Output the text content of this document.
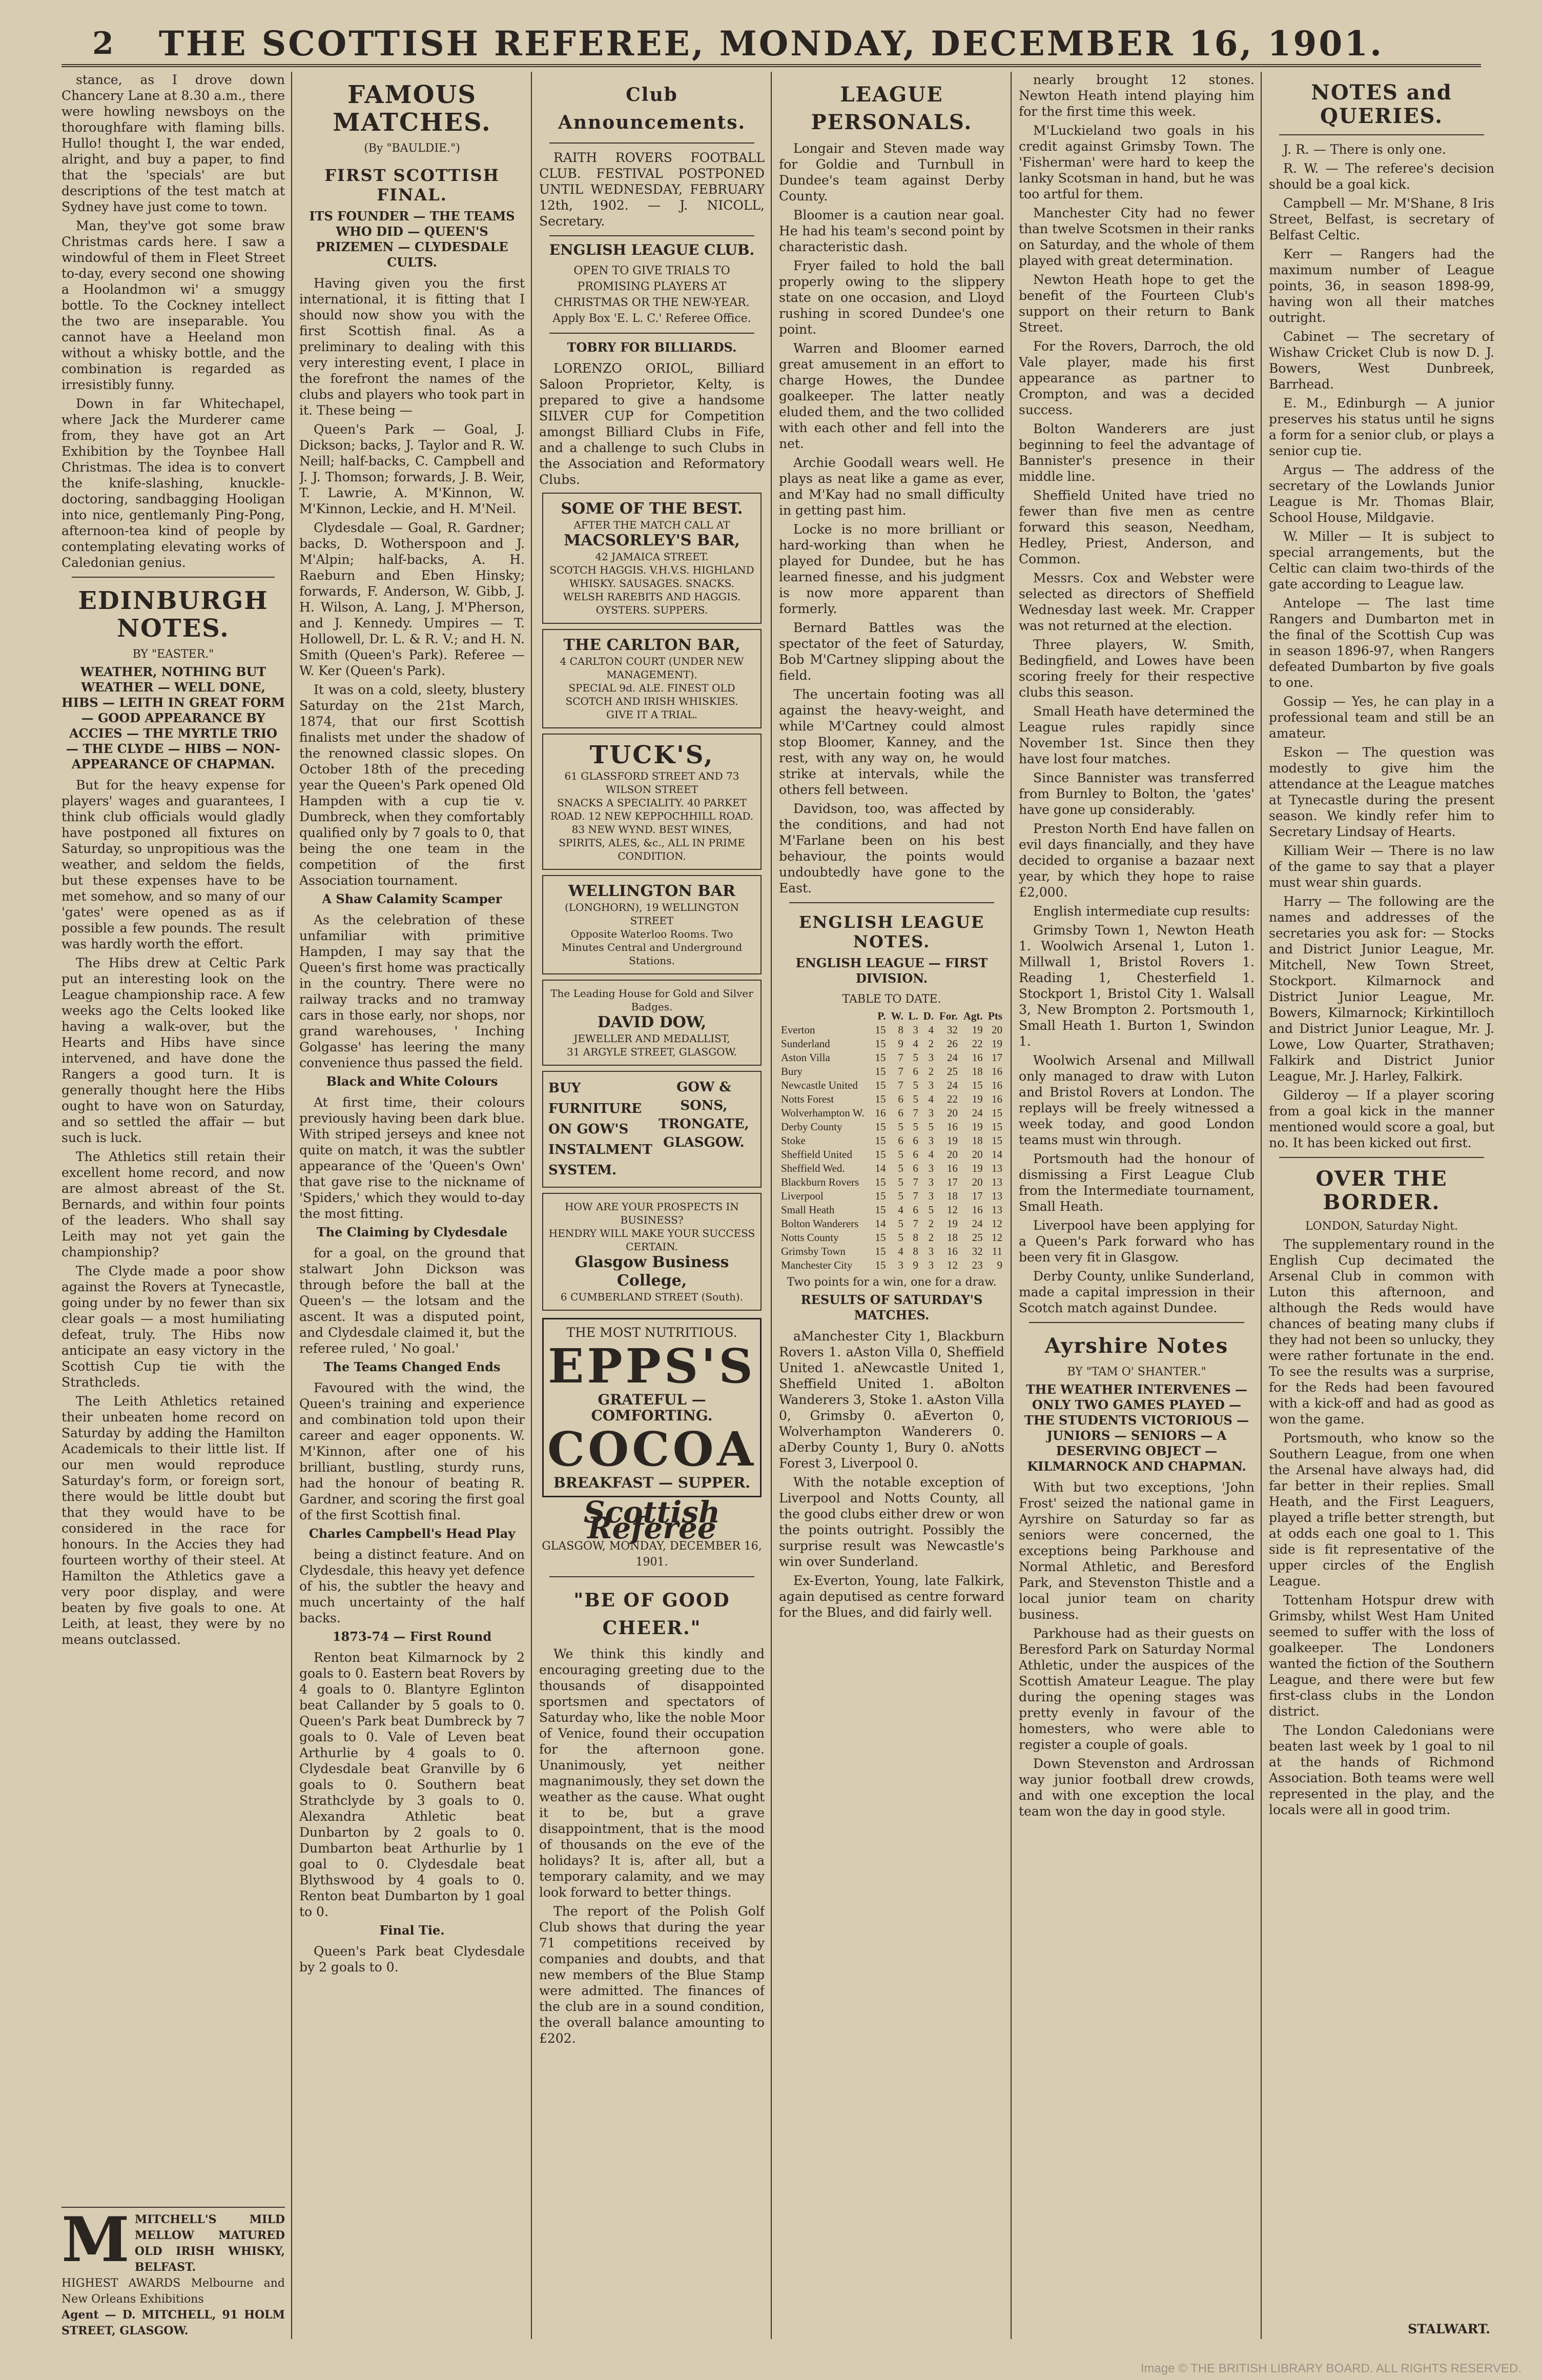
2	THE SCOTTISH REFEREE, MONDAY, DECEMBER 16, 1901.

stance, as I drove down Chancery Lane at 8.30 a.m., there were howling newsboys on the thoroughfare with flaming bills. Hullo! thought I, the war ended, alright, and buy a paper, to find that the 'specials' are but descriptions of the test match at Sydney have just come to town.

Man, they've got some braw Christmas cards here. I saw a windowful of them in Fleet Street to-day, every second one showing a Hoolandmon wi' a smuggy bottle. To the Cockney intellect the two are inseparable. You cannot have a Heeland mon without a whisky bottle, and the combination is regarded as irresistibly funny.

Down in far Whitechapel, where Jack the Murderer came from, they have got an Art Exhibition by the Toynbee Hall Christmas. The idea is to convert the knife-slashing, knuckle-doctoring, sandbagging Hooligan into nice, gentlemanly Ping-Pong, afternoon-tea kind of people by contemplating elevating works of Caledonian genius.

EDINBURGH NOTES.
BY "EASTER."
WEATHER, NOTHING BUT WEATHER — WELL DONE, HIBS — LEITH IN GREAT FORM — GOOD APPEARANCE BY ACCIES — THE MYRTLE TRIO — THE CLYDE — HIBS — NON-APPEARANCE OF CHAPMAN.

But for the heavy expense for players' wages and guarantees, I think club officials would gladly have postponed all fixtures on Saturday, so unpropitious was the weather, and seldom the fields, but these expenses have to be met somehow, and so many of our 'gates' were opened as as if possible a few pounds. The result was hardly worth the effort.

The Hibs drew at Celtic Park put an interesting look on the League championship race. A few weeks ago the Celts looked like having a walk-over, but the Hearts and Hibs have since intervened, and have done the Rangers a good turn. It is generally thought here the Hibs ought to have won on Saturday, and so settled the affair — but such is luck.

The Athletics still retain their excellent home record, and now are almost abreast of the St. Bernards, and within four points of the leaders. Who shall say Leith may not yet gain the championship?

The Clyde made a poor show against the Rovers at Tynecastle, going under by no fewer than six clear goals — a most humiliating defeat, truly. The Hibs now anticipate an easy victory in the Scottish Cup tie with the Strathcleds.

The Leith Athletics retained their unbeaten home record on Saturday by adding the Hamilton Academicals to their little list. If our men would reproduce Saturday's form, or foreign sort, there would be little doubt but that they would have to be considered in the race for honours. In the Accies they had fourteen worthy of their steel. At Hamilton the Athletics gave a very poor display, and were beaten by five goals to one. At Leith, at least, they were by no means outclassed.

M MITCHELL'S MILD MELLOW MATURED OLD IRISH WHISKY, BELFAST.
HIGHEST AWARDS Melbourne and New Orleans Exhibitions
Agent — D. MITCHELL, 91 HOLM STREET, GLASGOW.
FAMOUS MATCHES.
(By "BAULDIE.")
FIRST SCOTTISH FINAL.
ITS FOUNDER — THE TEAMS WHO DID — QUEEN'S PRIZEMEN — CLYDESDALE CULTS.

Having given you the first international, it is fitting that I should now show you with the first Scottish final. As a preliminary to dealing with this very interesting event, I place in the forefront the names of the clubs and players who took part in it. These being —

Queen's Park — Goal, J. Dickson; backs, J. Taylor and R. W. Neill; half-backs, C. Campbell and J. J. Thomson; forwards, J. B. Weir, T. Lawrie, A. M'Kinnon, W. M'Kinnon, Leckie, and H. M'Neil.

Clydesdale — Goal, R. Gardner; backs, D. Wotherspoon and J. M'Alpin; half-backs, A. H. Raeburn and Eben Hinsky; forwards, F. Anderson, W. Gibb, J. H. Wilson, A. Lang, J. M'Pherson, and J. Kennedy. Umpires — T. Hollowell, Dr. L. & R. V.; and H. N. Smith (Queen's Park). Referee — W. Ker (Queen's Park).

It was on a cold, sleety, blustery Saturday on the 21st March, 1874, that our first Scottish finalists met under the shadow of the renowned classic slopes. On October 18th of the preceding year the Queen's Park opened Old Hampden with a cup tie v. Dumbreck, when they comfortably qualified only by 7 goals to 0, that being the one team in the competition of the first Association tournament.

A Shaw Calamity Scamper

As the celebration of these unfamiliar with primitive Hampden, I may say that the Queen's first home was practically in the country. There were no railway tracks and no tramway cars in those early, nor shops, nor grand warehouses, ' Inching Golgasse' has leering the many convenience thus passed the field.

Black and White Colours

At first time, their colours previously having been dark blue. With striped jerseys and knee not quite on match, it was the subtler appearance of the 'Queen's Own' that gave rise to the nickname of 'Spiders,' which they would to-day the most fitting.

The Claiming by Clydesdale

for a goal, on the ground that stalwart John Dickson was through before the ball at the Queen's — the lotsam and the ascent. It was a disputed point, and Clydesdale claimed it, but the referee ruled, ' No goal.'

The Teams Changed Ends

Favoured with the wind, the Queen's training and experience and combination told upon their career and eager opponents. W. M'Kinnon, after one of his brilliant, bustling, sturdy runs, had the honour of beating R. Gardner, and scoring the first goal of the first Scottish final.

Charles Campbell's Head Play

being a distinct feature. And on Clydesdale, this heavy yet defence of his, the subtler the heavy and much uncertainty of the half backs.

1873-74 — First Round

Renton beat Kilmarnock by 2 goals to 0. Eastern beat Rovers by 4 goals to 0. Blantyre Eglinton beat Callander by 5 goals to 0. Queen's Park beat Dumbreck by 7 goals to 0. Vale of Leven beat Arthurlie by 4 goals to 0. Clydesdale beat Granville by 6 goals to 0. Southern beat Strathclyde by 3 goals to 0. Alexandra Athletic beat Dunbarton by 2 goals to 0. Dumbarton beat Arthurlie by 1 goal to 0. Clydesdale beat Blythswood by 4 goals to 0. Renton beat Dumbarton by 1 goal to 0.

Final Tie.

Queen's Park beat Clydesdale by 2 goals to 0.

Club Announcements.

RAITH ROVERS FOOTBALL CLUB. FESTIVAL POSTPONED UNTIL WEDNESDAY, FEBRUARY 12th, 1902. — J. NICOLL, Secretary.

ENGLISH LEAGUE CLUB.
OPEN TO GIVE TRIALS TO PROMISING PLAYERS AT CHRISTMAS OR THE NEW-YEAR. Apply Box 'E. L. C.' Referee Office.
TOBRY FOR BILLIARDS.

LORENZO ORIOL, Billiard Saloon Proprietor, Kelty, is prepared to give a handsome SILVER CUP for Competition amongst Billiard Clubs in Fife, and a challenge to such Clubs in the Association and Reformatory Clubs.

SOME OF THE BEST.
AFTER THE MATCH CALL AT
MACSORLEY'S BAR,
42 JAMAICA STREET.
SCOTCH HAGGIS. V.H.V.S. HIGHLAND WHISKY. SAUSAGES. SNACKS. WELSH RAREBITS AND HAGGIS. OYSTERS. SUPPERS.
THE CARLTON BAR,
4 CARLTON COURT (UNDER NEW MANAGEMENT).
SPECIAL 9d. ALE. FINEST OLD SCOTCH AND IRISH WHISKIES.
GIVE IT A TRIAL.
TUCK'S,
61 GLASSFORD STREET AND 73 WILSON STREET
SNACKS A SPECIALITY. 40 PARKET ROAD. 12 NEW KEPPOCHHILL ROAD. 83 NEW WYND. BEST WINES, SPIRITS, ALES, &c., ALL IN PRIME CONDITION.
WELLINGTON BAR
(LONGHORN), 19 WELLINGTON STREET
Opposite Waterloo Rooms. Two Minutes Central and Underground Stations.
The Leading House for Gold and Silver Badges.
DAVID DOW,
JEWELLER AND MEDALLIST,
31 ARGYLE STREET, GLASGOW.
BUY FURNITURE ON GOW'S INSTALMENT SYSTEM.
GOW & SONS, TRONGATE, GLASGOW.
HOW ARE YOUR PROSPECTS IN BUSINESS?
HENDRY WILL MAKE YOUR SUCCESS CERTAIN.
Glasgow Business College,
6 CUMBERLAND STREET (South).
THE MOST NUTRITIOUS.
EPPS'S
GRATEFUL — COMFORTING.
COCOA
BREAKFAST — SUPPER.
Scottish Referee
GLASGOW, MONDAY, DECEMBER 16, 1901.
"BE OF GOOD CHEER."

We think this kindly and encouraging greeting due to the thousands of disappointed sportsmen and spectators of Saturday who, like the noble Moor of Venice, found their occupation for the afternoon gone. Unanimously, yet neither magnanimously, they set down the weather as the cause. What ought it to be, but a grave disappointment, that is the mood of thousands on the eve of the holidays? It is, after all, but a temporary calamity, and we may look forward to better things.

The report of the Polish Golf Club shows that during the year 71 competitions received by companies and doubts, and that new members of the Blue Stamp were admitted. The finances of the club are in a sound condition, the overall balance amounting to £202.

LEAGUE PERSONALS.

Longair and Steven made way for Goldie and Turnbull in Dundee's team against Derby County.

Bloomer is a caution near goal. He had his team's second point by characteristic dash.

Fryer failed to hold the ball properly owing to the slippery state on one occasion, and Lloyd rushing in scored Dundee's one point.

Warren and Bloomer earned great amusement in an effort to charge Howes, the Dundee goalkeeper. The latter neatly eluded them, and the two collided with each other and fell into the net.

Archie Goodall wears well. He plays as neat like a game as ever, and M'Kay had no small difficulty in getting past him.

Locke is no more brilliant or hard-working than when he played for Dundee, but he has learned finesse, and his judgment is now more apparent than formerly.

Bernard Battles was the spectator of the feet of Saturday, Bob M'Cartney slipping about the field.

The uncertain footing was all against the heavy-weight, and while M'Cartney could almost stop Bloomer, Kanney, and the rest, with any way on, he would strike at intervals, while the others fell between.

Davidson, too, was affected by the conditions, and had not M'Farlane been on his best behaviour, the points would undoubtedly have gone to the East.

ENGLISH LEAGUE NOTES.
ENGLISH LEAGUE — FIRST DIVISION.
TABLE TO DATE.
	P.	W.	L.	D.	For.	Agt.	Pts
Everton	15	8	3	4	32	19	20
Sunderland	15	9	4	2	26	22	19
Aston Villa	15	7	5	3	24	16	17
Bury	15	7	6	2	25	18	16
Newcastle United	15	7	5	3	24	15	16
Notts Forest	15	6	5	4	22	19	16
Wolverhampton W.	16	6	7	3	20	24	15
Derby County	15	5	5	5	16	19	15
Stoke	15	6	6	3	19	18	15
Sheffield United	15	5	6	4	20	20	14
Sheffield Wed.	14	5	6	3	16	19	13
Blackburn Rovers	15	5	7	3	17	20	13
Liverpool	15	5	7	3	18	17	13
Small Heath	15	4	6	5	12	16	13
Bolton Wanderers	14	5	7	2	19	24	12
Notts County	15	5	8	2	18	25	12
Grimsby Town	15	4	8	3	16	32	11
Manchester City	15	3	9	3	12	23	9
Two points for a win, one for a draw.
RESULTS OF SATURDAY'S MATCHES.

aManchester City 1, Blackburn Rovers 1. aAston Villa 0, Sheffield United 1. aNewcastle United 1, Sheffield United 1. aBolton Wanderers 3, Stoke 1. aAston Villa 0, Grimsby 0. aEverton 0, Wolverhampton Wanderers 0. aDerby County 1, Bury 0. aNotts Forest 3, Liverpool 0.

With the notable exception of Liverpool and Notts County, all the good clubs either drew or won the points outright. Possibly the surprise result was Newcastle's win over Sunderland.

Ex-Everton, Young, late Falkirk, again deputised as centre forward for the Blues, and did fairly well.

nearly brought 12 stones. Newton Heath intend playing him for the first time this week.

M'Luckieland two goals in his credit against Grimsby Town. The 'Fisherman' were hard to keep the lanky Scotsman in hand, but he was too artful for them.

Manchester City had no fewer than twelve Scotsmen in their ranks on Saturday, and the whole of them played with great determination.

Newton Heath hope to get the benefit of the Fourteen Club's support on their return to Bank Street.

For the Rovers, Darroch, the old Vale player, made his first appearance as partner to Crompton, and was a decided success.

Bolton Wanderers are just beginning to feel the advantage of Bannister's presence in their middle line.

Sheffield United have tried no fewer than five men as centre forward this season, Needham, Hedley, Priest, Anderson, and Common.

Messrs. Cox and Webster were selected as directors of Sheffield Wednesday last week. Mr. Crapper was not returned at the election.

Three players, W. Smith, Bedingfield, and Lowes have been scoring freely for their respective clubs this season.

Small Heath have determined the League rules rapidly since November 1st. Since then they have lost four matches.

Since Bannister was transferred from Burnley to Bolton, the 'gates' have gone up considerably.

Preston North End have fallen on evil days financially, and they have decided to organise a bazaar next year, by which they hope to raise £2,000.

English intermediate cup results:

Grimsby Town 1, Newton Heath 1. Woolwich Arsenal 1, Luton 1. Millwall 1, Bristol Rovers 1. Reading 1, Chesterfield 1. Stockport 1, Bristol City 1. Walsall 3, New Brompton 2. Portsmouth 1, Small Heath 1. Burton 1, Swindon 1.

Woolwich Arsenal and Millwall only managed to draw with Luton and Bristol Rovers at London. The replays will be freely witnessed a week today, and good London teams must win through.

Portsmouth had the honour of dismissing a First League Club from the Intermediate tournament, Small Heath.

Liverpool have been applying for a Queen's Park forward who has been very fit in Glasgow.

Derby County, unlike Sunderland, made a capital impression in their Scotch match against Dundee.

Ayrshire Notes
BY "TAM O' SHANTER."
THE WEATHER INTERVENES — ONLY TWO GAMES PLAYED — THE STUDENTS VICTORIOUS — JUNIORS — SENIORS — A DESERVING OBJECT — KILMARNOCK AND CHAPMAN.

With but two exceptions, 'John Frost' seized the national game in Ayrshire on Saturday so far as seniors were concerned, the exceptions being Parkhouse and Normal Athletic, and Beresford Park, and Stevenston Thistle and a local junior team on charity business.

Parkhouse had as their guests on Beresford Park on Saturday Normal Athletic, under the auspices of the Scottish Amateur League. The play during the opening stages was pretty evenly in favour of the homesters, who were able to register a couple of goals.

Down Stevenston and Ardrossan way junior football drew crowds, and with one exception the local team won the day in good style.

NOTES and QUERIES.

J. R. — There is only one.

R. W. — The referee's decision should be a goal kick.

Campbell — Mr. M'Shane, 8 Iris Street, Belfast, is secretary of Belfast Celtic.

Kerr — Rangers had the maximum number of League points, 36, in season 1898-99, having won all their matches outright.

Cabinet — The secretary of Wishaw Cricket Club is now D. J. Bowers, West Dunbreek, Barrhead.

E. M., Edinburgh — A junior preserves his status until he signs a form for a senior club, or plays a senior cup tie.

Argus — The address of the secretary of the Lowlands Junior League is Mr. Thomas Blair, School House, Mildgavie.

W. Miller — It is subject to special arrangements, but the Celtic can claim two-thirds of the gate according to League law.

Antelope — The last time Rangers and Dumbarton met in the final of the Scottish Cup was in season 1896-97, when Rangers defeated Dumbarton by five goals to one.

Gossip — Yes, he can play in a professional team and still be an amateur.

Eskon — The question was modestly to give him the attendance at the League matches at Tynecastle during the present season. We kindly refer him to Secretary Lindsay of Hearts.

Killiam Weir — There is no law of the game to say that a player must wear shin guards.

Harry — The following are the names and addresses of the secretaries you ask for: — Stocks and District Junior League, Mr. Mitchell, New Town Street, Stockport. Kilmarnock and District Junior League, Mr. Bowers, Kilmarnock; Kirkintilloch and District Junior League, Mr. J. Lowe, Low Quarter, Strathaven; Falkirk and District Junior League, Mr. J. Harley, Falkirk.

Gilderoy — If a player scoring from a goal kick in the manner mentioned would score a goal, but no. It has been kicked out first.

OVER THE BORDER.
LONDON, Saturday Night.

The supplementary round in the English Cup decimated the Arsenal Club in common with Luton this afternoon, and although the Reds would have chances of beating many clubs if they had not been so unlucky, they were rather fortunate in the end. To see the results was a surprise, for the Reds had been favoured with a kick-off and had as good as won the game.

Portsmouth, who know so the Southern League, from one when the Arsenal have always had, did far better in their replies. Small Heath, and the First Leaguers, played a trifle better strength, but at odds each one goal to 1. This side is fit representative of the upper circles of the English League.

Tottenham Hotspur drew with Grimsby, whilst West Ham United seemed to suffer with the loss of goalkeeper. The Londoners wanted the fiction of the Southern League, and there were but few first-class clubs in the London district.

The London Caledonians were beaten last week by 1 goal to nil at the hands of Richmond Association. Both teams were well represented in the play, and the locals were all in good trim.

STALWART.
Image © THE BRITISH LIBRARY BOARD. ALL RIGHTS RESERVED.
